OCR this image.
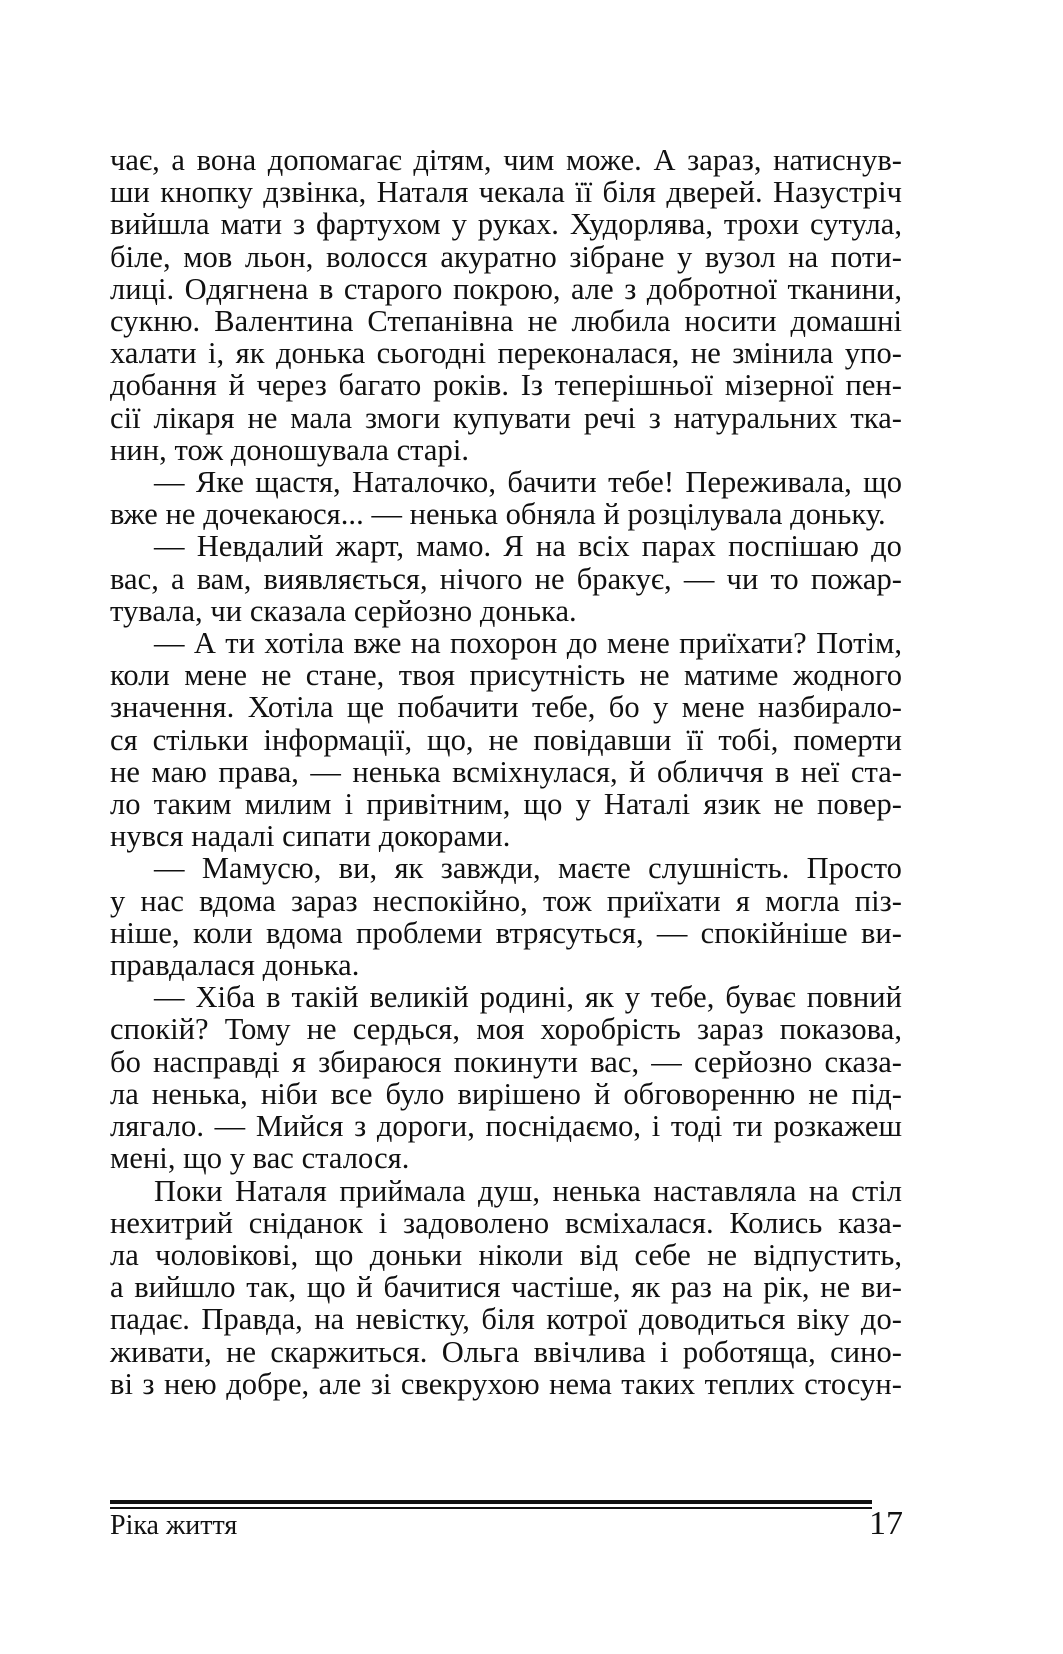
чає, а вона допомагає дітям, чим може. А зараз, натиснув-
ши кнопку дзвінка, Наталя чекала її біля дверей. Назустріч
вийшла мати з фартухом у руках. Худорлява, трохи сутула,
біле, мов льон, волосся акуратно зібране у вузол на поти-
лиці. Одягнена в старого покрою, але з добротної тканини,
сукню. Валентина Степанівна не любила носити домашні
халати і, як донька сьогодні переконалася, не змінила упо-
добання й через багато років. Із теперішньої мізерної пен-
сії лікаря не мала змоги купувати речі з натуральних тка-
нин, тож доношувала старі.

— Яке щастя, Наталочко, бачити тебе! Переживала, що
вже не дочекаюся... — ненька обняла й розцілувала доньку.

— Невдалий жарт, мамо. Я на всіх парах поспішаю до
вас, а вам, виявляється, нічого не бракує, — чи то пожар-
тувала, чи сказала серйозно донька.

— А ти хотіла вже на похорон до мене приїхати? Потім,
коли мене не стане, твоя присутність не матиме жодного
значення. Хотіла ще побачити тебе, бо у мене назбирало-
ся стільки інформації, що, не повідавши її тобі, померти
не маю права, — ненька всміхнулася, й обличчя в неї ста-
ло таким милим і привітним, що у Наталі язик не повер-
нувся надалі сипати докорами.

— Мамусю, ви, як завжди, маєте слушність. Просто
у нас вдома зараз неспокійно, тож приїхати я могла піз-
ніше, коли вдома проблеми втрясуться, — спокійніше ви-
правдалася донька.

— Хіба в такій великій родині, як у тебе, буває повний
спокій? Тому не сердься, моя хоробрість зараз показова,
бо насправді я збираюся покинути вас, — серйозно сказа-
ла ненька, ніби все було вирішено й обговоренню не під-
лягало. — Мийся з дороги, поснідаємо, і тоді ти розкажеш
мені, що у вас сталося.

Поки Наталя приймала душ, ненька наставляла на стіл
нехитрий сніданок і задоволено всміхалася. Колись каза-
ла чоловікові, що доньки ніколи від себе не відпустить,
а вийшло так, що й бачитися частіше, як раз на рік, не ви-
падає. Правда, на невістку, біля котрої доводиться віку до-
живати, не скаржиться. Ольга ввічлива і роботяща, сино-
ві з нею добре, але зі свекрухою нема таких теплих стосун-

Ріка життя	17
